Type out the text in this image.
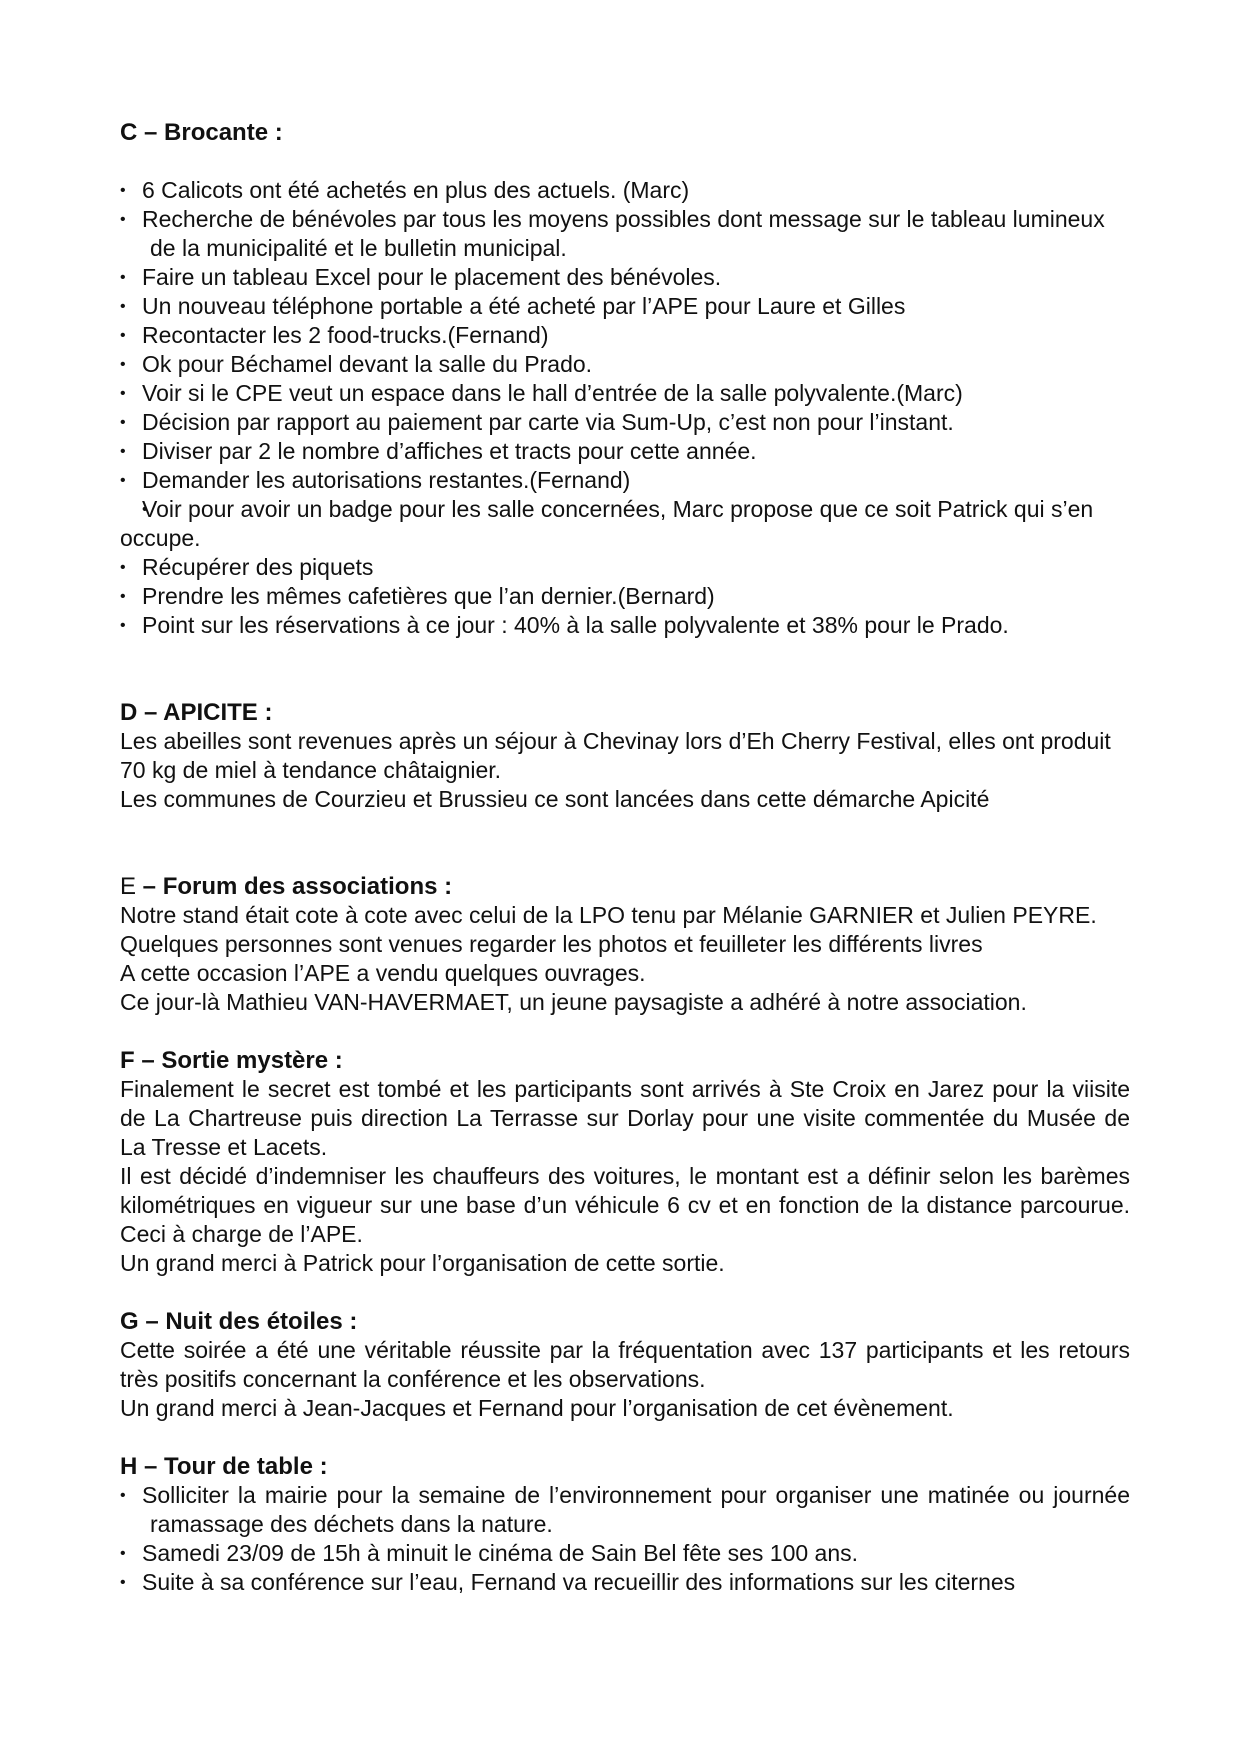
C – Brocante :
• 6 Calicots ont été achetés en plus des actuels. (Marc)
• Recherche de bénévoles par tous les moyens possibles dont message sur le tableau lumineux de la municipalité et le bulletin municipal.
• Faire un tableau Excel pour le placement des bénévoles.
• Un nouveau téléphone portable a été acheté par l’APE pour Laure et Gilles
• Recontacter les 2 food-trucks.(Fernand)
• Ok pour Béchamel devant la salle du Prado.
• Voir si le CPE veut un espace dans le hall d’entrée de la salle polyvalente.(Marc)
• Décision par rapport au paiement par carte via Sum-Up, c’est non pour l’instant.
• Diviser par 2 le nombre d’affiches et tracts pour cette année.
• Demander les autorisations restantes.(Fernand)
• Voir pour avoir un badge pour les salle concernées, Marc propose que ce soit Patrick qui s’en occupe.
• Récupérer des piquets
• Prendre les mêmes cafetières que l’an dernier.(Bernard)
• Point sur les réservations à ce jour : 40% à la salle polyvalente et 38% pour le Prado.
D – APICITE :

Les abeilles sont revenues après un séjour à Chevinay lors d’Eh Cherry Festival, elles ont produit 70 kg de miel à tendance châtaignier.

Les communes de Courzieu et Brussieu ce sont lancées dans cette démarche Apicité

E – Forum des associations :

Notre stand était cote à cote avec celui de la LPO tenu par Mélanie GARNIER et Julien PEYRE. Quelques personnes sont venues regarder les photos et feuilleter les différents livres

A cette occasion l’APE a vendu quelques ouvrages.

Ce jour-là Mathieu VAN-HAVERMAET, un jeune paysagiste a adhéré à notre association.

F – Sortie mystère :

Finalement le secret est tombé et les participants sont arrivés à Ste Croix en Jarez pour la viisite de La Chartreuse puis direction La Terrasse sur Dorlay pour une visite commentée du Musée de La Tresse et Lacets.

Il est décidé d’indemniser les chauffeurs des voitures, le montant est a définir selon les barèmes kilométriques en vigueur sur une base d’un véhicule 6 cv et en fonction de la distance parcourue. Ceci à charge de l’APE.

Un grand merci à Patrick pour l’organisation de cette sortie.

G – Nuit des étoiles :

Cette soirée a été une véritable réussite par la fréquentation avec 137 participants et les retours très positifs concernant la conférence et les observations.

Un grand merci à Jean-Jacques et Fernand pour l’organisation de cet évènement.

H – Tour de table :
• Solliciter la mairie pour la semaine de l’environnement pour organiser une matinée ou journée ramassage des déchets dans la nature.
• Samedi 23/09 de 15h à minuit le cinéma de Sain Bel fête ses 100 ans.
• Suite à sa conférence sur l’eau, Fernand va recueillir des informations sur les citernes
